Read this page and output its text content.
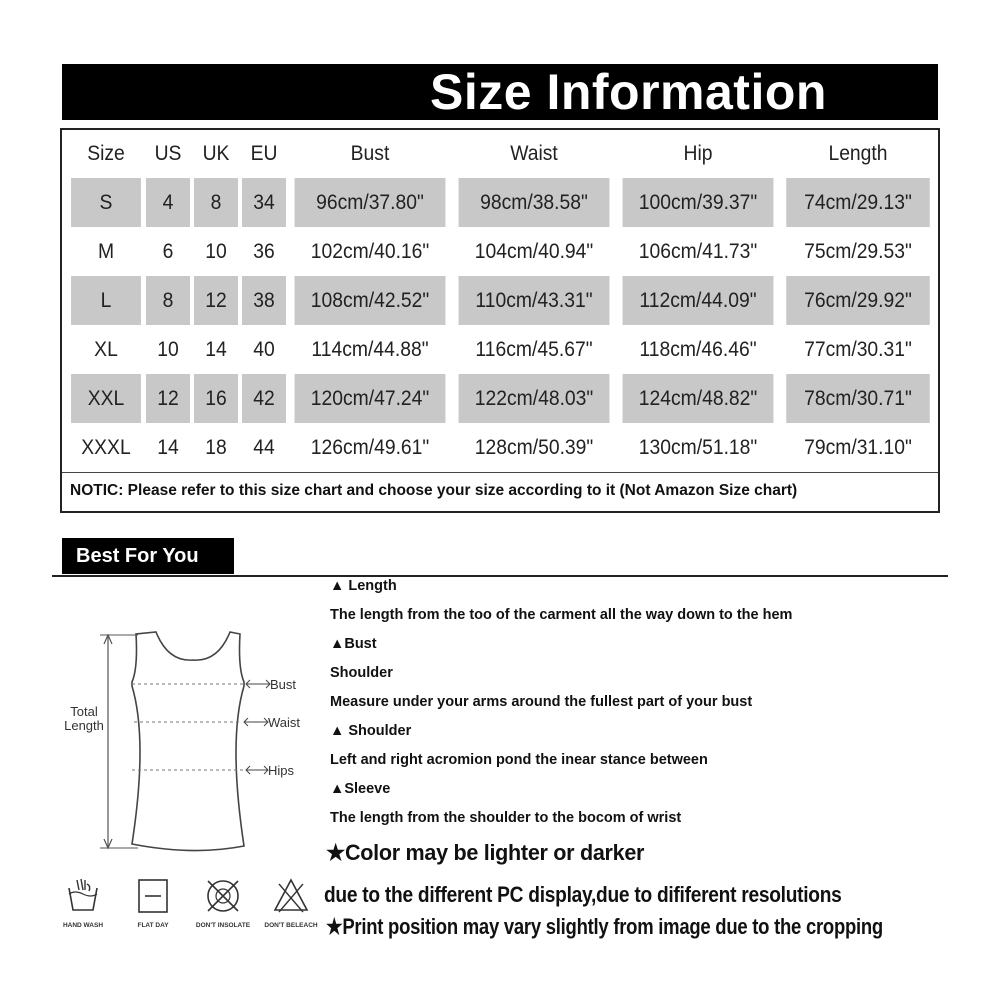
Size Information
Size	US	UK	EU	Bust	Waist	Hip	Length
S	4	8	34	96cm/37.80"	98cm/38.58"	100cm/39.37"	74cm/29.13"
M	6	10	36	102cm/40.16"	104cm/40.94"	106cm/41.73"	75cm/29.53"
L	8	12	38	108cm/42.52"	110cm/43.31"	112cm/44.09"	76cm/29.92"
XL	10	14	40	114cm/44.88"	116cm/45.67"	118cm/46.46"	77cm/30.31"
XXL	12	16	42	120cm/47.24"	122cm/48.03"	124cm/48.82"	78cm/30.71"
XXXL	14	18	44	126cm/49.61"	128cm/50.39"	130cm/51.18"	79cm/31.10"
NOTIC: Please refer to this size chart and choose your size according to it (Not Amazon Size chart)
Best For You
Total
Length
Bust
Waist
Hips
HAND WASH	FLAT DAY	DON'T INSOLATE	DON'T BELEACH
▲ Length
The length from the too of the carment all the way down to the hem
▲Bust
Shoulder
Measure under your arms around the fullest part of your bust
▲ Shoulder
Left and right acromion pond the inear stance between
▲Sleeve
The length from the shoulder to the bocom of wrist
★Color may be lighter or darker
due to the different PC display,due to dififerent resolutions
★Print position may vary slightly from image due to the cropping
